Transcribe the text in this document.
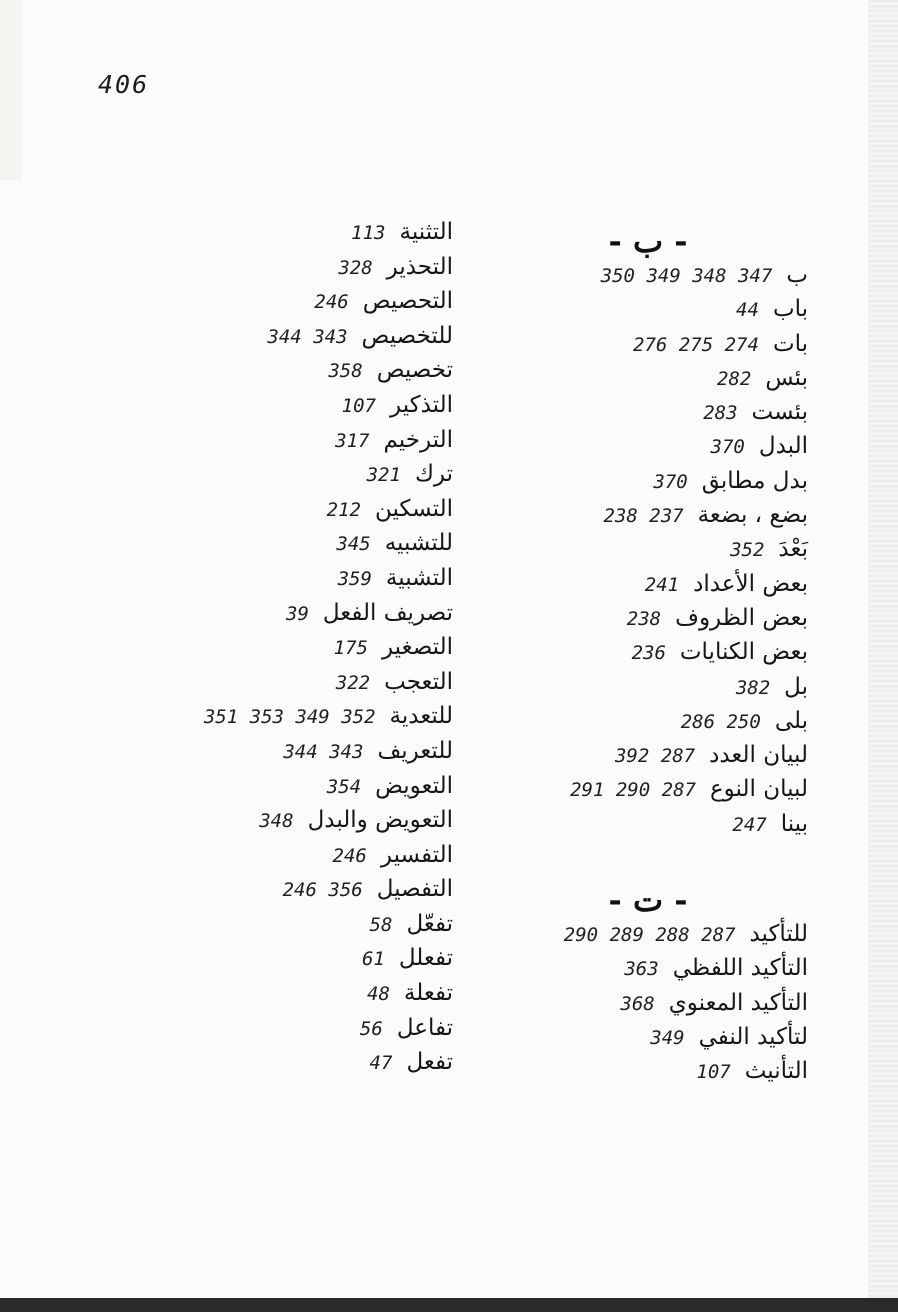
406
- ب -
ب347 348 349 350
باب44
بات274 275 276
بئس282
بئست283
البدل370
بدل مطابق370
بضع ، بضعة237 238
بَعْدَ352
بعض الأعداد241
بعض الظروف238
بعض الكنايات236
بل382
بلى250 286
لبيان العدد287 392
لبيان النوع287 290 291
بينا247
- ت -
للتأكيد287 288 289 290
التأكيد اللفظي363
التأكيد المعنوي368
لتأكيد النفي349
التأنيث107
التثنية113
التحذير328
التحصيص246
للتخصيص343 344
تخصيص358
التذكير107
الترخيم317
ترك321
التسكين212
للتشبيه345
التشبية359
تصريف الفعل39
التصغير175
التعجب322
للتعدية352 349 353 351
للتعريف343 344
التعويض354
التعويض والبدل348
التفسير246
التفصيل356 246
تفعّل58
تفعلل61
تفعلة48
تفاعل56
تفعل47
